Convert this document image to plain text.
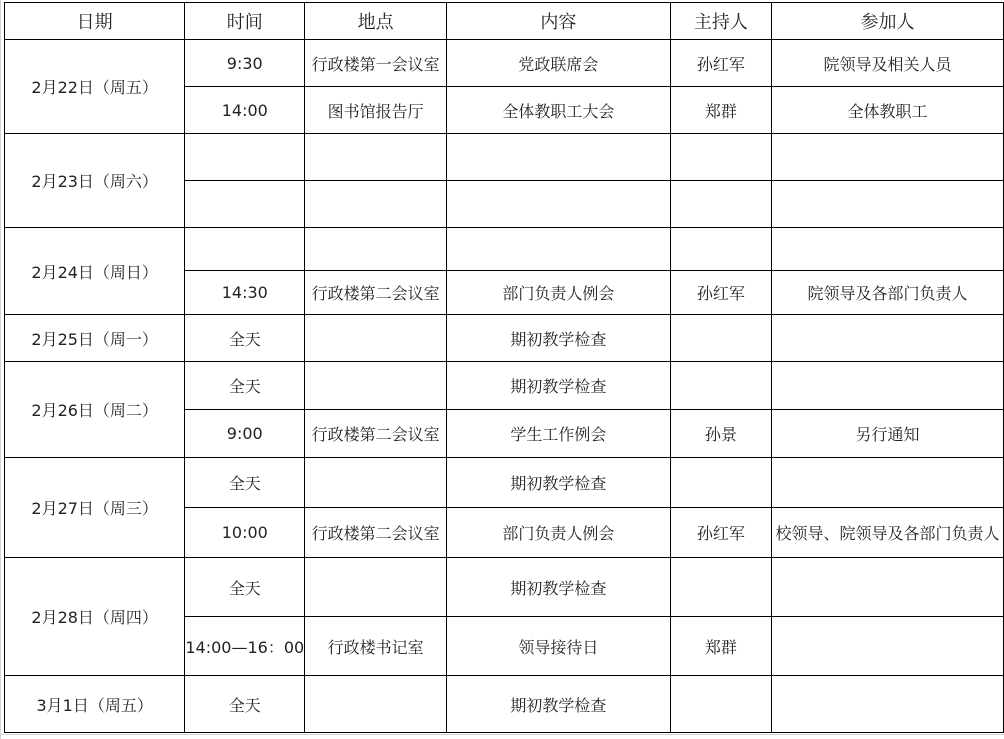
日期	时间	地点	内容	主持人	参加人
2月22日（周五）	9:30	行政楼第一会议室	党政联席会	孙红军	院领导及相关人员
	14:00	图书馆报告厅	全体教职工大会	郑群	全体教职工
2月23日（周六）					

2月24日（周日）					
	14:30	行政楼第二会议室	部门负责人例会	孙红军	院领导及各部门负责人
2月25日（周一）	全天		期初教学检查		
2月26日（周二）	全天		期初教学检查		
	9:00	行政楼第二会议室	学生工作例会	孙景	另行通知
2月27日（周三）	全天		期初教学检查		
	10:00	行政楼第二会议室	部门负责人例会	孙红军	校领导、院领导及各部门负责人
2月28日（周四）	全天		期初教学检查		
	14:00—16：00	行政楼书记室	领导接待日	郑群	
3月1日（周五）	全天		期初教学检查		
